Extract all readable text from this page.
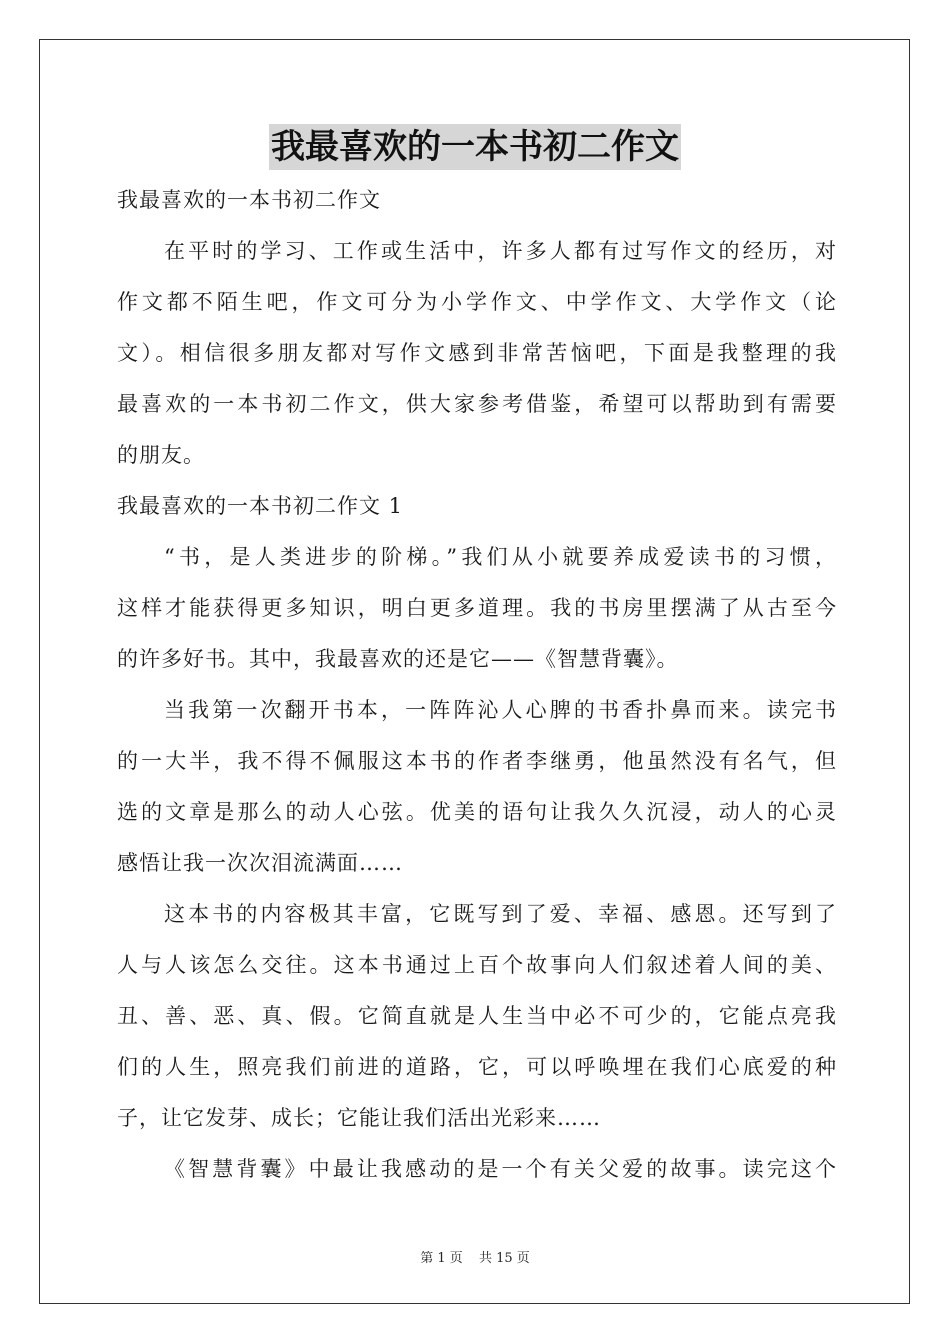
我最喜欢的一本书初二作文
我最喜欢的一本书初二作文
在平时的学习、工作或生活中，许多人都有过写作文的经历，对
作文都不陌生吧，作文可分为小学作文、中学作文、大学作文（论
文）。相信很多朋友都对写作文感到非常苦恼吧，下面是我整理的我
最喜欢的一本书初二作文，供大家参考借鉴，希望可以帮助到有需要
的朋友。
我最喜欢的一本书初二作文 1
“书，是人类进步的阶梯。”我们从小就要养成爱读书的习惯，
这样才能获得更多知识，明白更多道理。我的书房里摆满了从古至今
的许多好书。其中，我最喜欢的还是它——《智慧背囊》。
当我第一次翻开书本，一阵阵沁人心脾的书香扑鼻而来。读完书
的一大半，我不得不佩服这本书的作者李继勇，他虽然没有名气，但
选的文章是那么的动人心弦。优美的语句让我久久沉浸，动人的心灵
感悟让我一次次泪流满面……
这本书的内容极其丰富，它既写到了爱、幸福、感恩。还写到了
人与人该怎么交往。这本书通过上百个故事向人们叙述着人间的美、
丑、善、恶、真、假。它简直就是人生当中必不可少的，它能点亮我
们的人生，照亮我们前进的道路，它，可以呼唤埋在我们心底爱的种
子，让它发芽、成长；它能让我们活出光彩来……
《智慧背囊》中最让我感动的是一个有关父爱的故事。读完这个
第 1 页 共 15 页
